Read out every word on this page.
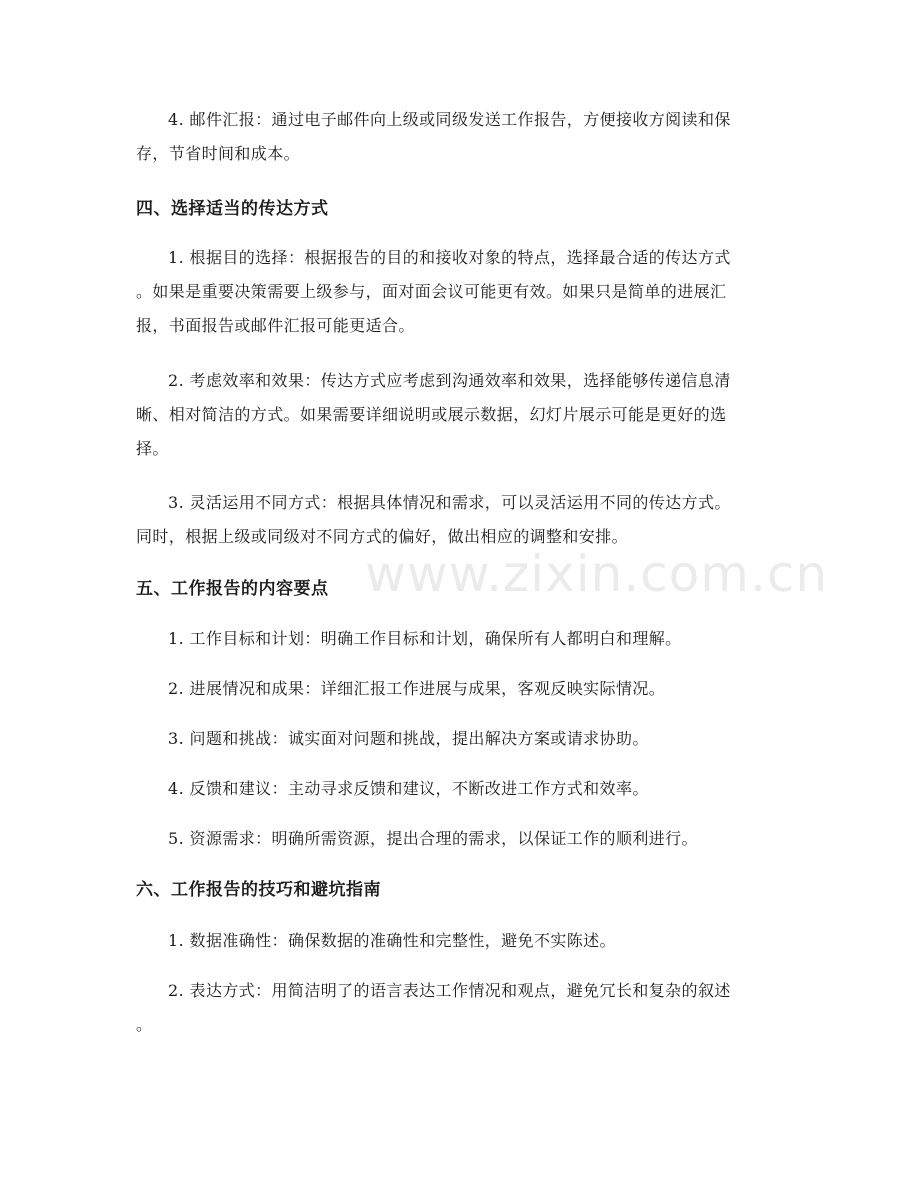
www.zixin.com.cn

4. 邮件汇报：通过电子邮件向上级或同级发送工作报告，方便接收方阅读和保
存，节省时间和成本。

四、选择适当的传达方式

1. 根据目的选择：根据报告的目的和接收对象的特点，选择最合适的传达方式
。如果是重要决策需要上级参与，面对面会议可能更有效。如果只是简单的进展汇
报，书面报告或邮件汇报可能更适合。

2. 考虑效率和效果：传达方式应考虑到沟通效率和效果，选择能够传递信息清
晰、相对简洁的方式。如果需要详细说明或展示数据，幻灯片展示可能是更好的选
择。

3. 灵活运用不同方式：根据具体情况和需求，可以灵活运用不同的传达方式。
同时，根据上级或同级对不同方式的偏好，做出相应的调整和安排。

五、工作报告的内容要点

1. 工作目标和计划：明确工作目标和计划，确保所有人都明白和理解。

2. 进展情况和成果：详细汇报工作进展与成果，客观反映实际情况。

3. 问题和挑战：诚实面对问题和挑战，提出解决方案或请求协助。

4. 反馈和建议：主动寻求反馈和建议，不断改进工作方式和效率。

5. 资源需求：明确所需资源，提出合理的需求，以保证工作的顺利进行。

六、工作报告的技巧和避坑指南

1. 数据准确性：确保数据的准确性和完整性，避免不实陈述。

2. 表达方式：用简洁明了的语言表达工作情况和观点，避免冗长和复杂的叙述
。
